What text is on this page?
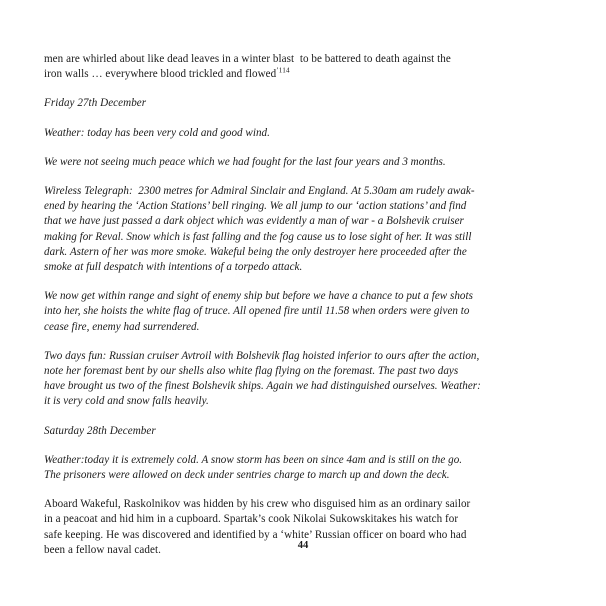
men are whirled about like dead leaves in a winter blast  to be battered to death against the
iron walls … everywhere blood trickled and flowed$^{’114}$

Friday 27th December

Weather: today has been very cold and good wind.

We were not seeing much peace which we had fought for the last four years and 3 months.

Wireless Telegraph:  2300 metres for Admiral Sinclair and England. At 5.30am am rudely awak-
ened by hearing the ‘Action Stations’ bell ringing. We all jump to our ‘action stations’ and find
that we have just passed a dark object which was evidently a man of war - a Bolshevik cruiser
making for Reval. Snow which is fast falling and the fog cause us to lose sight of her. It was still
dark. Astern of her was more smoke. Wakeful being the only destroyer here proceeded after the
smoke at full despatch with intentions of a torpedo attack.

We now get within range and sight of enemy ship but before we have a chance to put a few shots
into her, she hoists the white flag of truce. All opened fire until 11.58 when orders were given to
cease fire, enemy had surrendered.

Two days fun: Russian cruiser Avtroil with Bolshevik flag hoisted inferior to ours after the action,
note her foremast bent by our shells also white flag flying on the foremast. The past two days
have brought us two of the finest Bolshevik ships. Again we had distinguished ourselves. Weather:
it is very cold and snow falls heavily.

Saturday 28th December

Weather:today it is extremely cold. A snow storm has been on since 4am and is still on the go.
The prisoners were allowed on deck under sentries charge to march up and down the deck.

Aboard Wakeful, Raskolnikov was hidden by his crew who disguised him as an ordinary sailor
in a peacoat and hid him in a cupboard. Spartak’s cook Nikolai Sukowskitakes his watch for
safe keeping. He was discovered and identified by a ‘white’ Russian officer on board who had
been a fellow naval cadet.	44
